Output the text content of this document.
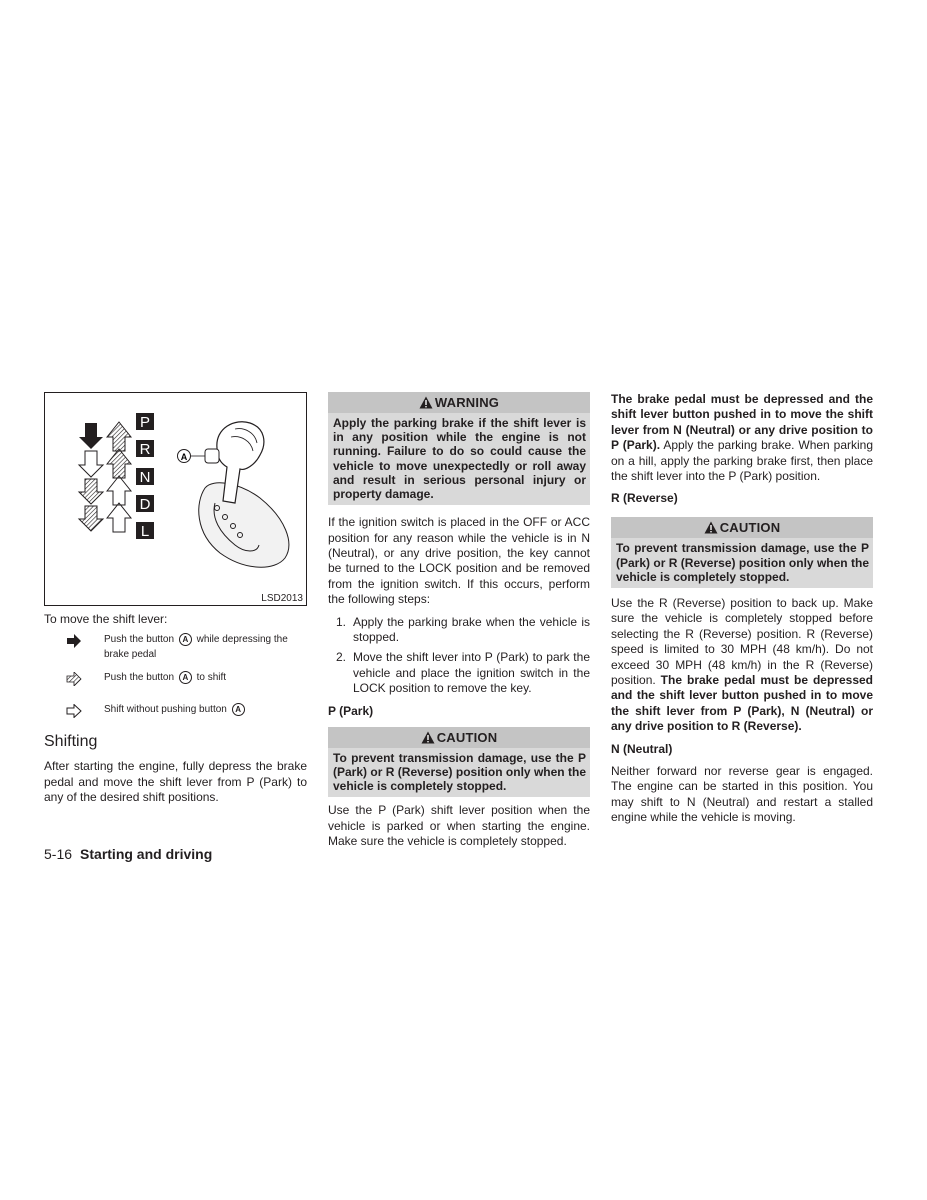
P
R
N
D
L
A
LSD2013

To move the shift lever:

Push the button A while depressing the brake pedal
Push the button A to shift
Shift without pushing button A

Shifting

After starting the engine, fully depress the brake pedal and move the shift lever from P (Park) to any of the desired shift positions.

WARNING

Apply the parking brake if the shift lever is in any position while the engine is not running. Failure to do so could cause the vehicle to move unexpectedly or roll away and result in serious personal injury or property damage.

If the ignition switch is placed in the OFF or ACC position for any reason while the vehicle is in N (Neutral), or any drive position, the key cannot be turned to the LOCK position and be removed from the ignition switch. If this occurs, perform the following steps:

1. Apply the parking brake when the vehicle is stopped.
2. Move the shift lever into P (Park) to park the vehicle and place the ignition switch in the LOCK position to remove the key.

P (Park)

CAUTION

To prevent transmission damage, use the P (Park) or R (Reverse) position only when the vehicle is completely stopped.

Use the P (Park) shift lever position when the vehicle is parked or when starting the engine. Make sure the vehicle is completely stopped.

The brake pedal must be depressed and the shift lever button pushed in to move the shift lever from N (Neutral) or any drive position to P (Park). Apply the parking brake. When parking on a hill, apply the parking brake first, then place the shift lever into the P (Park) position.

R (Reverse)

CAUTION

To prevent transmission damage, use the P (Park) or R (Reverse) position only when the vehicle is completely stopped.

Use the R (Reverse) position to back up. Make sure the vehicle is completely stopped before selecting the R (Reverse) position. R (Reverse) speed is limited to 30 MPH (48 km/h). Do not exceed 30 MPH (48 km/h) in the R (Reverse) position. The brake pedal must be depressed and the shift lever button pushed in to move the shift lever from P (Park), N (Neutral) or any drive position to R (Reverse).

N (Neutral)

Neither forward nor reverse gear is engaged. The engine can be started in this position. You may shift to N (Neutral) and restart a stalled engine while the vehicle is moving.

5-16 Starting and driving
